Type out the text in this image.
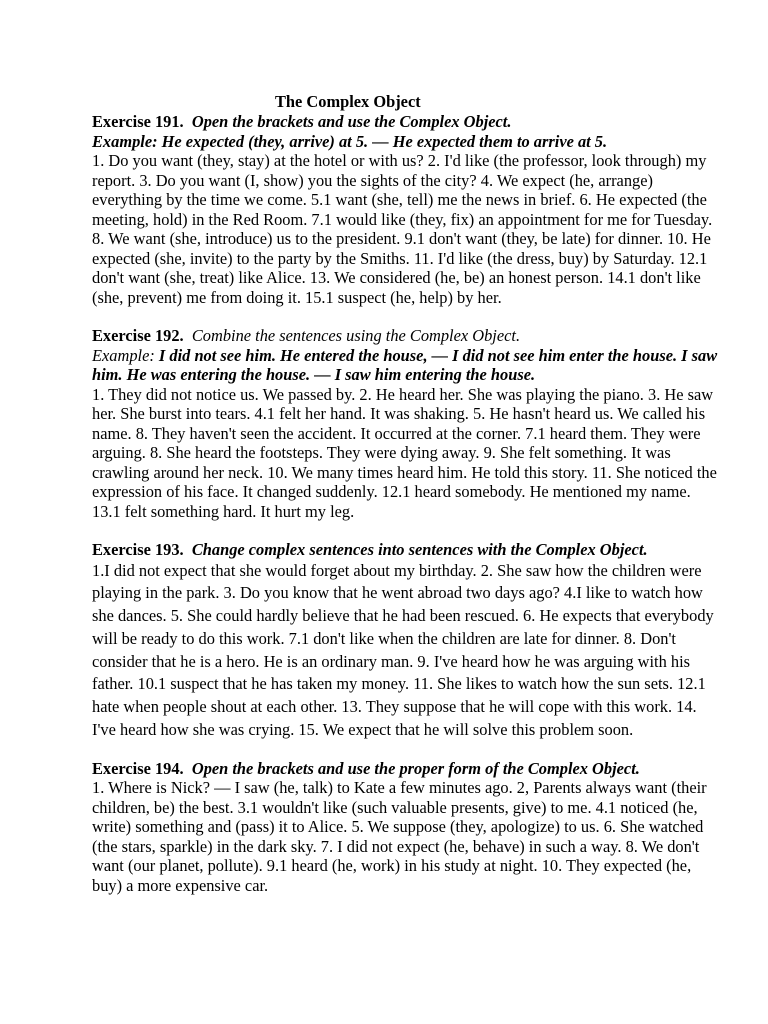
The Complex Object

Exercise 191. Open the brackets and use the Complex Object.

Example: He expected (they, arrive) at 5. — He expected them to arrive at 5.

1. Do you want (they, stay) at the hotel or with us? 2. I'd like (the professor, look through) my report. 3. Do you want (I, show) you the sights of the city? 4. We expect (he, arrange) everything by the time we come. 5.1 want (she, tell) me the news in brief. 6. He expected (the meeting, hold) in the Red Room. 7.1 would like (they, fix) an appointment for me for Tuesday. 8. We want (she, introduce) us to the president. 9.1 don't want (they, be late) for dinner. 10. He expected (she, invite) to the party by the Smiths. 11. I'd like (the dress, buy) by Saturday. 12.1 don't want (she, treat) like Alice. 13. We considered (he, be) an honest person. 14.1 don't like (she, prevent) me from doing it. 15.1 suspect (he, help) by her.

Exercise 192. Combine the sentences using the Complex Object.

Example: I did not see him. He entered the house, — I did not see him enter the house. I saw him. He was entering the house. — I saw him entering the house.

1. They did not notice us. We passed by. 2. He heard her. She was playing the piano. 3. He saw her. She burst into tears. 4.1 felt her hand. It was shaking. 5. He hasn't heard us. We called his name. 8. They haven't seen the accident. It occurred at the corner. 7.1 heard them. They were arguing. 8. She heard the footsteps. They were dying away. 9. She felt something. It was crawling around her neck. 10. We many times heard him. He told this story. 11. She noticed the expression of his face. It changed suddenly. 12.1 heard somebody. He mentioned my name. 13.1 felt something hard. It hurt my leg.

Exercise 193. Change complex sentences into sentences with the Complex Object.

1.I did not expect that she would forget about my birthday. 2. She saw how the children were playing in the park. 3. Do you know that he went abroad two days ago? 4.I like to watch how she dances. 5. She could hardly believe that he had been rescued. 6. He expects that everybody will be ready to do this work. 7.1 don't like when the children are late for dinner. 8. Don't consider that he is a hero. He is an ordinary man. 9. I've heard how he was arguing with his father. 10.1 suspect that he has taken my money. 11. She likes to watch how the sun sets. 12.1 hate when people shout at each other. 13. They suppose that he will cope with this work. 14. I've heard how she was crying. 15. We expect that he will solve this problem soon.

Exercise 194. Open the brackets and use the proper form of the Complex Object.

1. Where is Nick? — I saw (he, talk) to Kate a few minutes ago. 2, Parents always want (their children, be) the best. 3.1 wouldn't like (such valuable presents, give) to me. 4.1 noticed (he, write) something and (pass) it to Alice. 5. We suppose (they, apologize) to us. 6. She watched (the stars, sparkle) in the dark sky. 7. I did not expect (he, behave) in such a way. 8. We don't want (our planet, pollute). 9.1 heard (he, work) in his study at night. 10. They expected (he, buy) a more expensive car.
